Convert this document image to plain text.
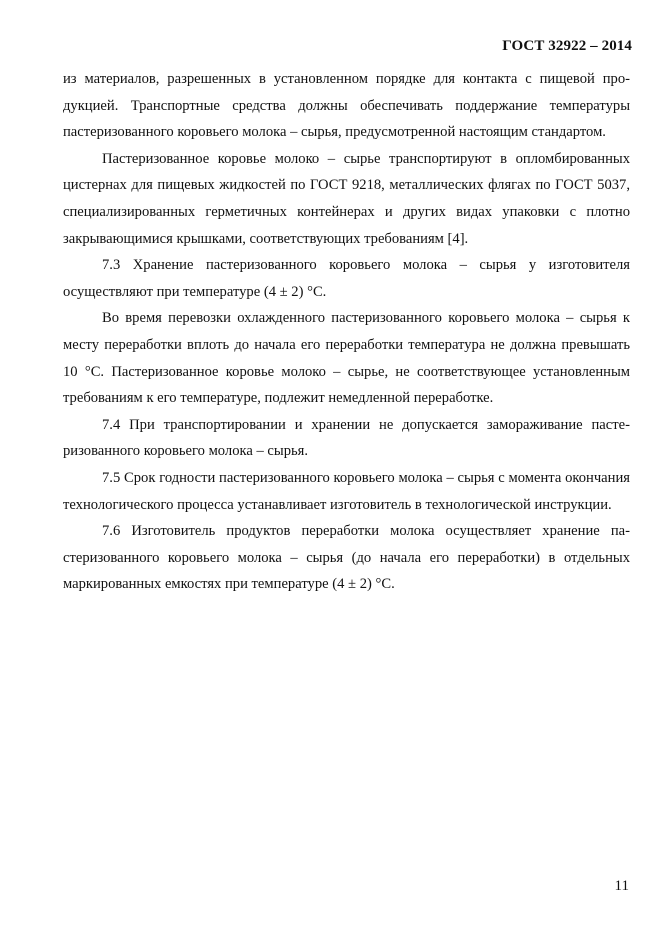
ГОСТ 32922 – 2014

из материалов, разрешенных в установленном порядке для контакта с пищевой продукцией. Транспортные средства должны обеспечивать поддержание температуры пастеризованного коровьего молока – сырья, предусмотренной настоящим стандартом.

Пастеризованное коровье молоко – сырье транспортируют в опломбированных цистернах для пищевых жидкостей по ГОСТ 9218, металлических флягах по ГОСТ 5037, специализированных герметичных контейнерах и других видах упаковки с плотно закрывающимися крышками, соответствующих требованиям [4].

7.3 Хранение пастеризованного коровьего молока – сырья у изготовителя осуществляют при температуре (4 ± 2) °С.

Во время перевозки охлажденного пастеризованного коровьего молока – сырья к месту переработки вплоть до начала его переработки температура не должна превышать 10 °С. Пастеризованное коровье молоко – сырье, не соответствующее установленным требованиям к его температуре, подлежит немедленной переработке.

7.4 При транспортировании и хранении не допускается замораживание пастеризованного коровьего молока – сырья.

7.5 Срок годности пастеризованного коровьего молока – сырья с момента окончания технологического процесса устанавливает изготовитель в технологической инструкции.

7.6 Изготовитель продуктов переработки молока осуществляет хранение пастеризованного коровьего молока – сырья (до начала его переработки) в отдельных маркированных емкостях при температуре (4 ± 2) °С.

11
